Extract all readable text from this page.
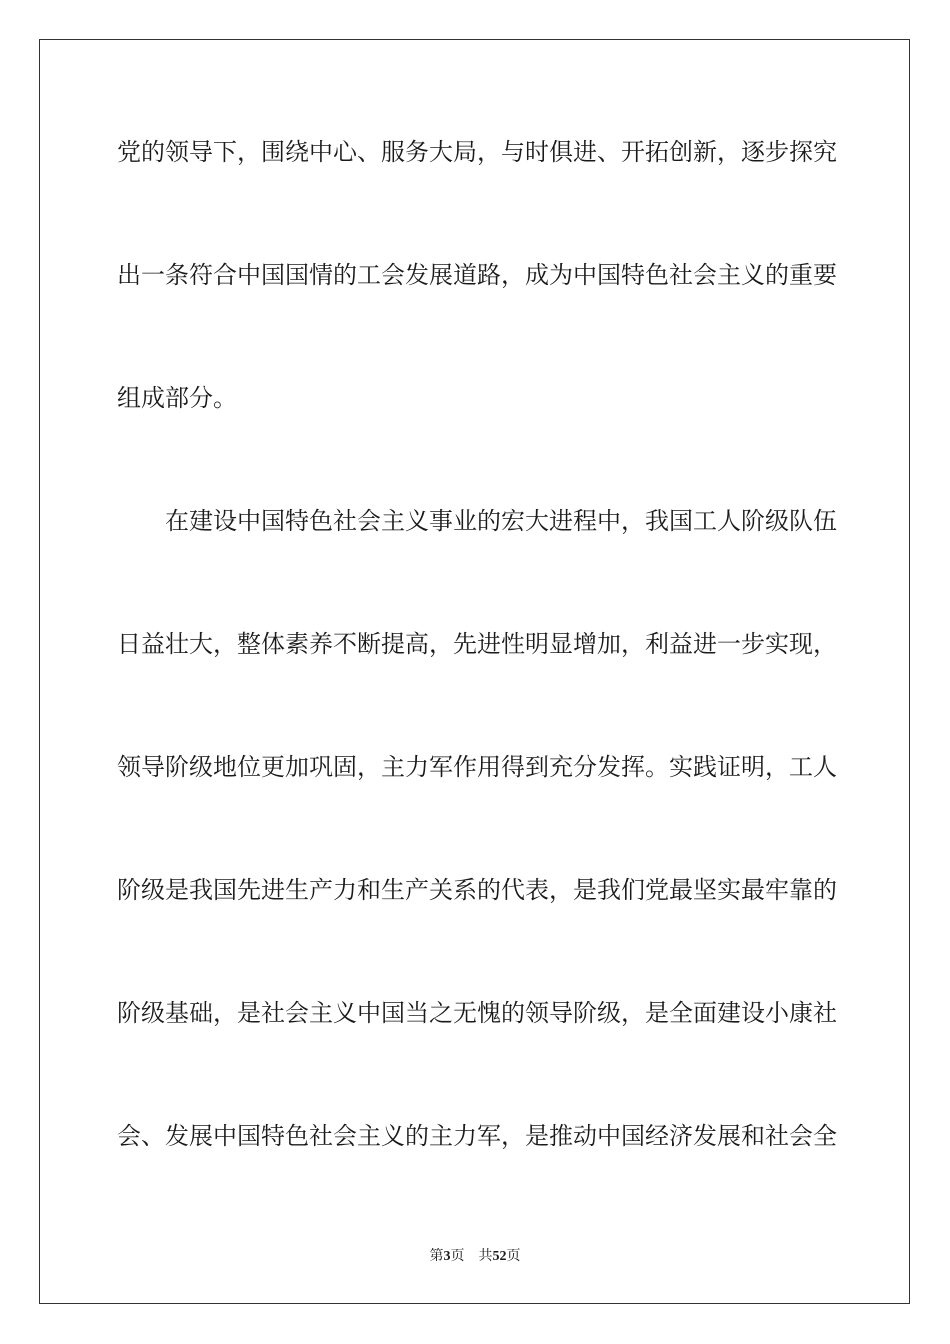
党的领导下，围绕中心、服务大局，与时俱进、开拓创新，逐步探究
出一条符合中国国情的工会发展道路，成为中国特色社会主义的重要
组成部分。
在建设中国特色社会主义事业的宏大进程中，我国工人阶级队伍
日益壮大，整体素养不断提高，先进性明显增加，利益进一步实现，
领导阶级地位更加巩固，主力军作用得到充分发挥。实践证明，工人
阶级是我国先进生产力和生产关系的代表，是我们党最坚实最牢靠的
阶级基础，是社会主义中国当之无愧的领导阶级，是全面建设小康社
会、发展中国特色社会主义的主力军，是推动中国经济发展和社会全
第3页 共52页
